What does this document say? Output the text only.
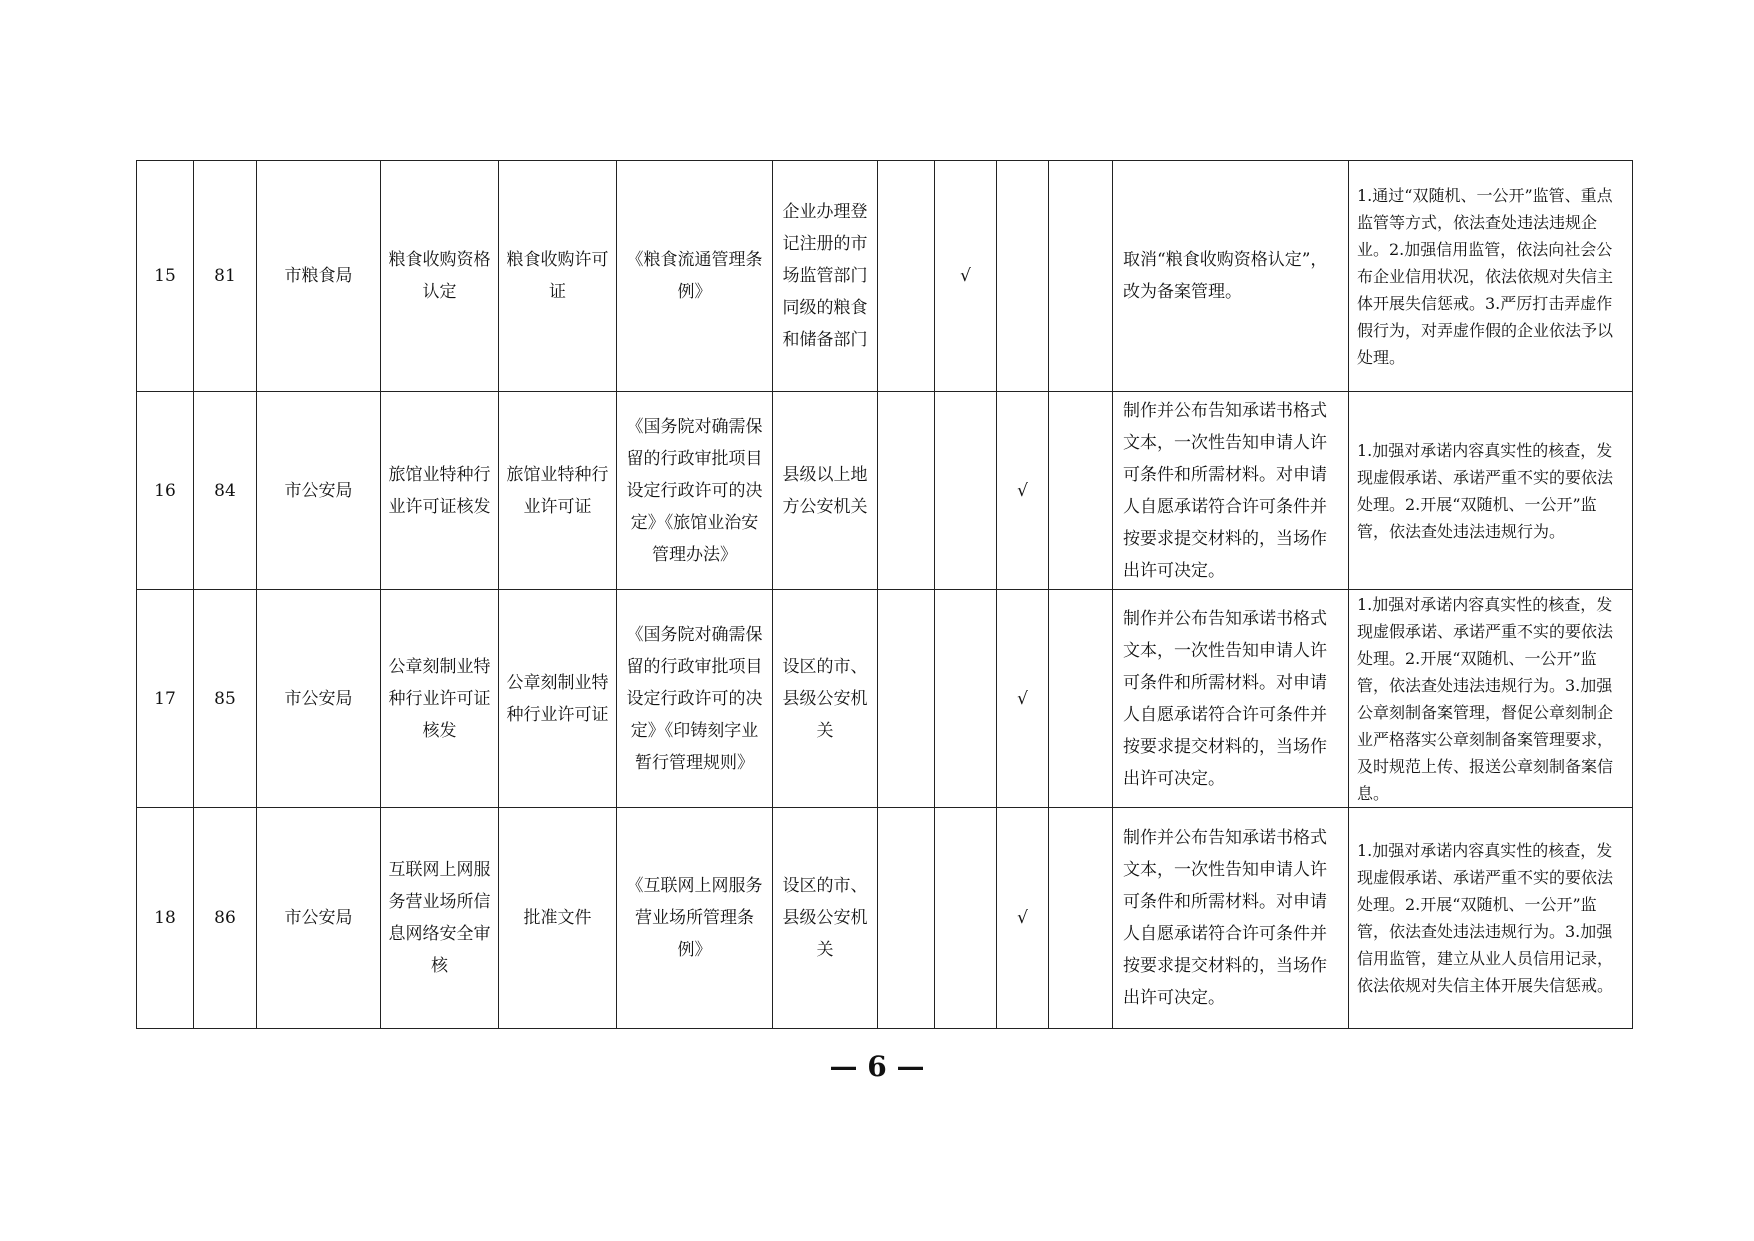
15	81	市粮食局	粮食收购资格认定	粮食收购许可证	《粮食流通管理条例》	企业办理登记注册的市场监管部门同级的粮食和储备部门		√			取消“粮食收购资格认定”，改为备案管理。	1.通过“双随机、一公开”监管、重点监管等方式，依法查处违法违规企业。2.加强信用监管，依法向社会公布企业信用状况，依法依规对失信主体开展失信惩戒。3.严厉打击弄虚作假行为，对弄虚作假的企业依法予以处理。
16	84	市公安局	旅馆业特种行业许可证核发	旅馆业特种行业许可证	《国务院对确需保留的行政审批项目设定行政许可的决定》《旅馆业治安管理办法》	县级以上地方公安机关			√		制作并公布告知承诺书格式文本，一次性告知申请人许可条件和所需材料。对申请人自愿承诺符合许可条件并按要求提交材料的，当场作出许可决定。	1.加强对承诺内容真实性的核查，发现虚假承诺、承诺严重不实的要依法处理。2.开展“双随机、一公开”监管，依法查处违法违规行为。
17	85	市公安局	公章刻制业特种行业许可证核发	公章刻制业特种行业许可证	《国务院对确需保留的行政审批项目设定行政许可的决定》《印铸刻字业暂行管理规则》	设区的市、县级公安机关			√		制作并公布告知承诺书格式文本，一次性告知申请人许可条件和所需材料。对申请人自愿承诺符合许可条件并按要求提交材料的，当场作出许可决定。	1.加强对承诺内容真实性的核查，发现虚假承诺、承诺严重不实的要依法处理。2.开展“双随机、一公开”监管，依法查处违法违规行为。3.加强公章刻制备案管理，督促公章刻制企业严格落实公章刻制备案管理要求，及时规范上传、报送公章刻制备案信息。
18	86	市公安局	互联网上网服务营业场所信息网络安全审核	批准文件	《互联网上网服务营业场所管理条例》	设区的市、县级公安机关			√		制作并公布告知承诺书格式文本，一次性告知申请人许可条件和所需材料。对申请人自愿承诺符合许可条件并按要求提交材料的，当场作出许可决定。	1.加强对承诺内容真实性的核查，发现虚假承诺、承诺严重不实的要依法处理。2.开展“双随机、一公开”监管，依法查处违法违规行为。3.加强信用监管，建立从业人员信用记录，依法依规对失信主体开展失信惩戒。
— 6 —
